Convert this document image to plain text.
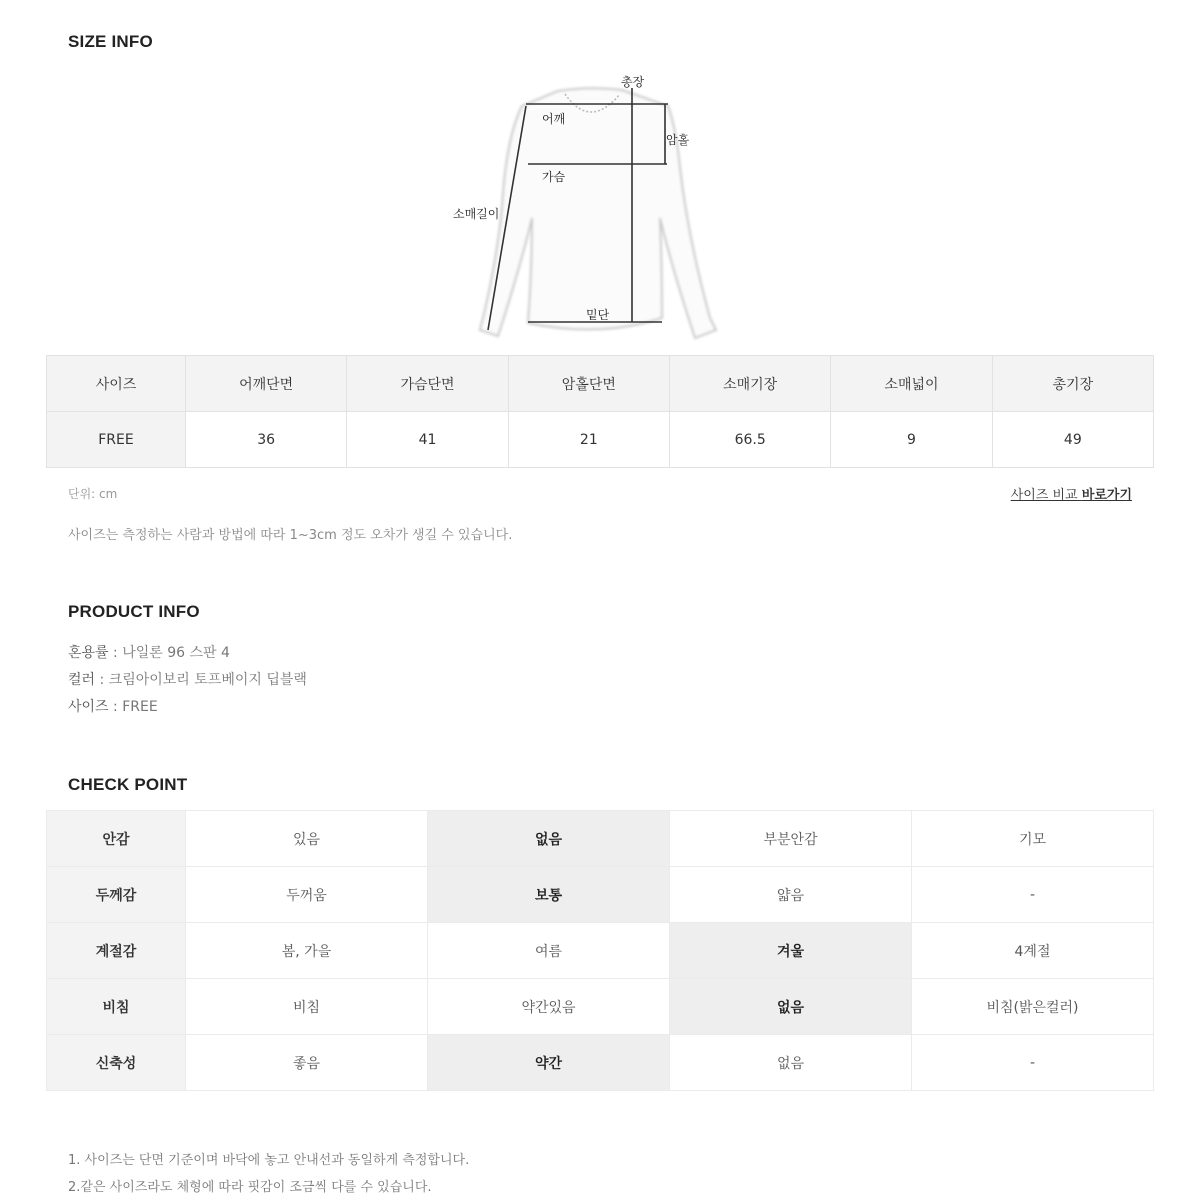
SIZE INFO
총장
어깨
암홀
가슴
소매길이
밑단
사이즈	어깨단면	가슴단면	암홀단면	소매기장	소매넓이	총기장
FREE	36	41	21	66.5	9	49
단위: cm	사이즈 비교 바로가기
사이즈는 측정하는 사람과 방법에 따라 1~3cm 정도 오차가 생길 수 있습니다.
PRODUCT INFO
혼용률 : 나일론 96 스판 4
컬러 : 크림아이보리 토프베이지 딥블랙
사이즈 : FREE
CHECK POINT
안감	있음	없음	부분안감	기모
두께감	두꺼움	보통	얇음	-
계절감	봄, 가을	여름	겨울	4계절
비침	비침	약간있음	없음	비침(밝은컬러)
신축성	좋음	약간	없음	-
1. 사이즈는 단면 기준이며 바닥에 놓고 안내선과 동일하게 측정합니다.
2.같은 사이즈라도 체형에 따라 핏감이 조금씩 다를 수 있습니다.
